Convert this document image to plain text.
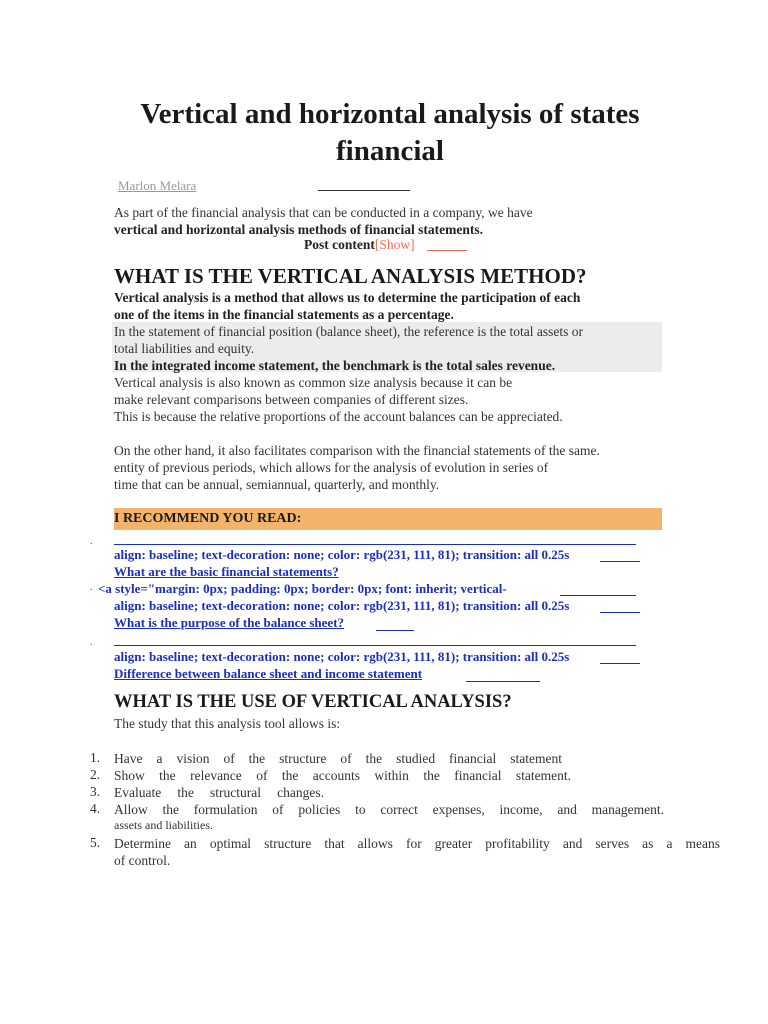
Vertical and horizontal analysis of states financial
Marlon Melara
As part of the financial analysis that can be conducted in a company, we have
vertical and horizontal analysis methods of financial statements.
Post content[Show]
WHAT IS THE VERTICAL ANALYSIS METHOD?
Vertical analysis is a method that allows us to determine the participation of each
one of the items in the financial statements as a percentage.
In the statement of financial position (balance sheet), the reference is the total assets or
total liabilities and equity.
In the integrated income statement, the benchmark is the total sales revenue.
Vertical analysis is also known as common size analysis because it can be
make relevant comparisons between companies of different sizes.
This is because the relative proportions of the account balances can be appreciated.
On the other hand, it also facilitates comparison with the financial statements of the same.
entity of previous periods, which allows for the analysis of evolution in series of
time that can be annual, semiannual, quarterly, and monthly.
I RECOMMEND YOU READ:
.
align: baseline; text-decoration: none; color: rgb(231, 111, 81); transition: all 0.25s
What are the basic financial statements?
. <a style="margin: 0px; padding: 0px; border: 0px; font: inherit; vertical-
align: baseline; text-decoration: none; color: rgb(231, 111, 81); transition: all 0.25s
What is the purpose of the balance sheet?
.
align: baseline; text-decoration: none; color: rgb(231, 111, 81); transition: all 0.25s
Difference between balance sheet and income statement
WHAT IS THE USE OF VERTICAL ANALYSIS?
The study that this analysis tool allows is:
1. Have a vision of the structure of the studied financial statement
2. Show the relevance of the accounts within the financial statement.
3. Evaluate the structural changes.
4. Allow the formulation of policies to correct expenses, income, and management.
assets and liabilities.
5. Determine an optimal structure that allows for greater profitability and serves as a means
of control.
